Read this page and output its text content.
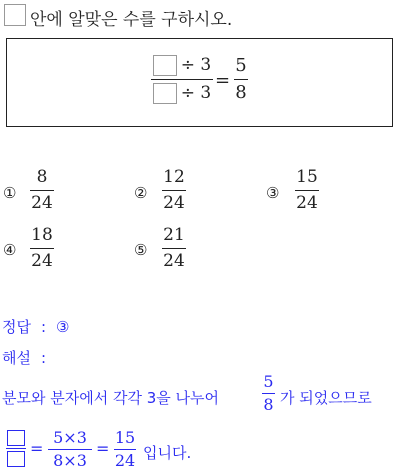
안에 알맞은 수를 구하시오.
÷ 3
÷ 3
=
5
8
①
8
24	②
12
24	③
15
24
④
18
24
⑤
21
24
정답 : ③
해설 :
분모와 분자에서 각각 3을 나누어
5
8 가 되었으므로
=
5×3
8×3
=
15
24 입니다.
